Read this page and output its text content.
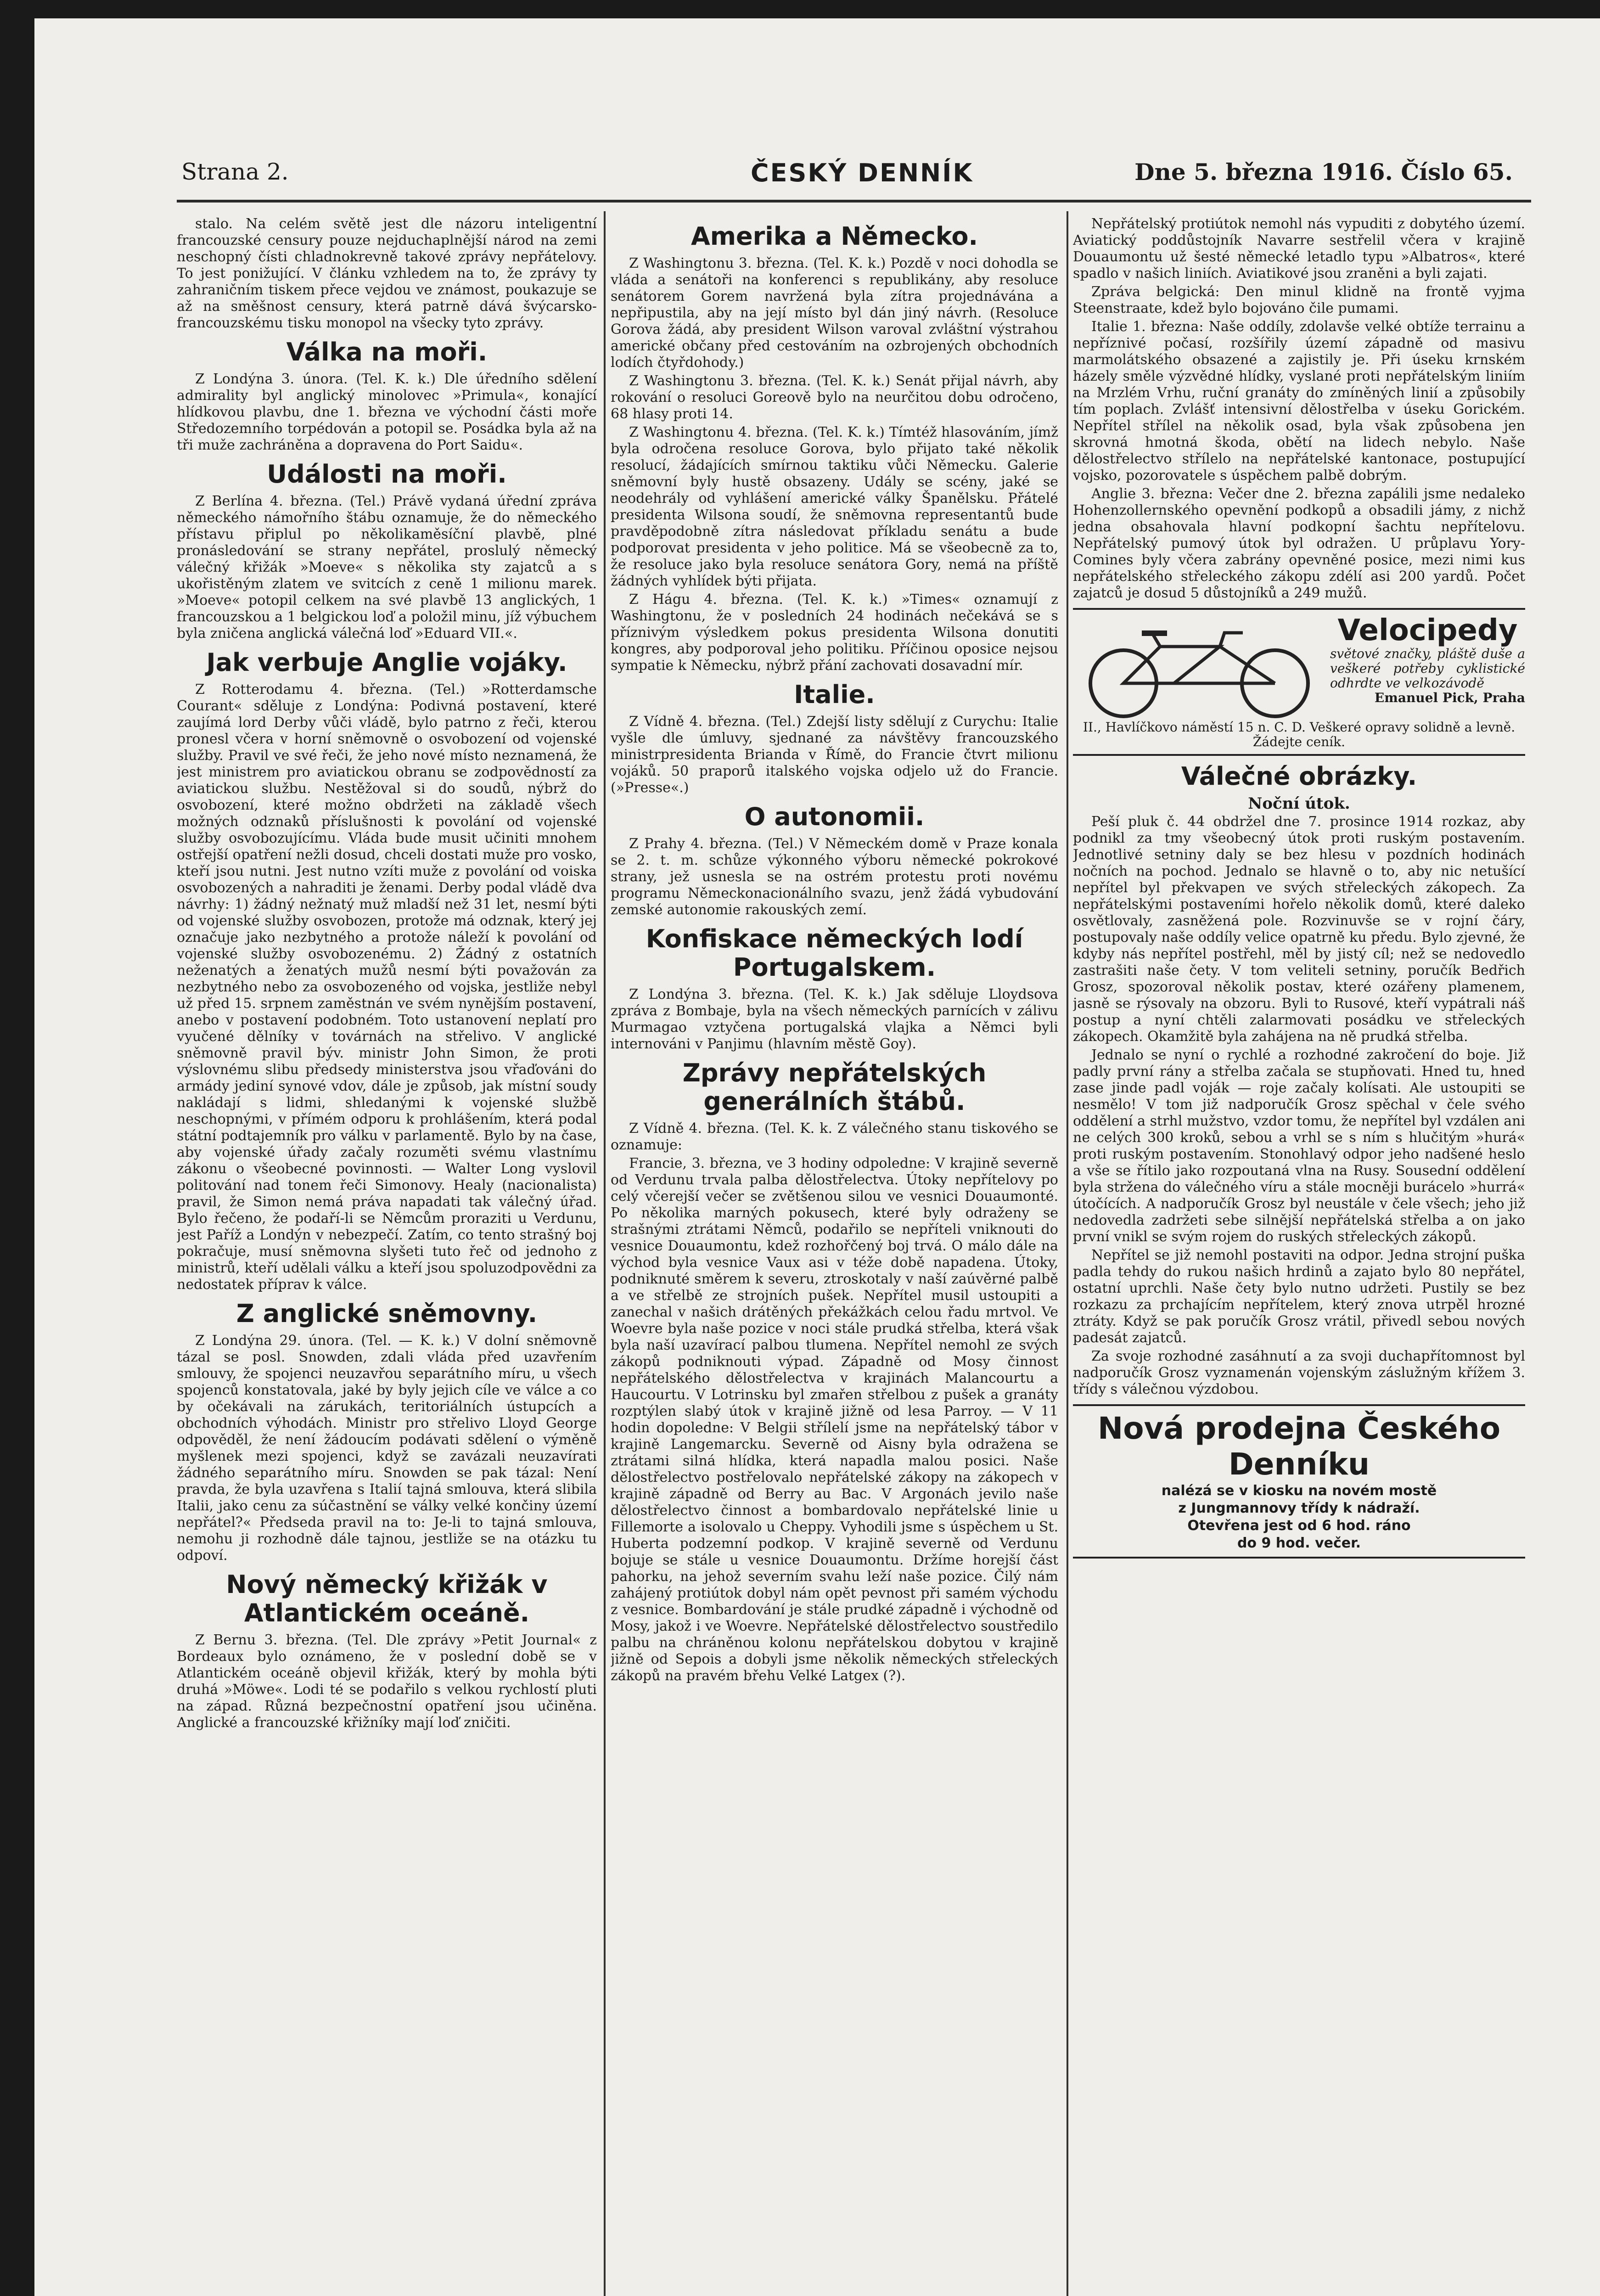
Strana 2.	ČESKÝ DENNÍK	Dne 5. března 1916. Číslo 65.

stalo. Na celém světě jest dle názoru inteligentní francouzské censury pouze nejduchaplnější národ na zemi neschopný čísti chladnokrevně takové zprávy nepřátelovy. To jest ponižující. V článku vzhledem na to, že zprávy ty zahraničním tiskem přece vejdou ve známost, poukazuje se až na směšnost censury, která patrně dává švýcarsko-francouzskému tisku monopol na všecky tyto zprávy.

Válka na moři.

Z Londýna 3. února. (Tel. K. k.) Dle úředního sdělení admirality byl anglický minolovec »Primula«, konající hlídkovou plavbu, dne 1. března ve východní části moře Středozemního torpédován a potopil se. Posádka byla až na tři muže zachráněna a dopravena do Port Saidu«.

Události na moři.

Z Berlína 4. března. (Tel.) Právě vydaná úřední zpráva německého námořního štábu oznamuje, že do německého přístavu připlul po několikaměsíční plavbě, plné pronásledování se strany nepřátel, proslulý německý válečný křižák »Moeve« s několika sty zajatců a s ukořistěným zlatem ve svitcích z ceně 1 milionu marek. »Moeve« potopil celkem na své plavbě 13 anglických, 1 francouzskou a 1 belgickou loď a položil minu, jíž výbuchem byla zničena anglická válečná loď »Eduard VII.«.

Jak verbuje Anglie vojáky.

Z Rotterodamu 4. března. (Tel.) »Rotterdamsche Courant« sděluje z Londýna: Podivná postavení, které zaujímá lord Derby vůči vládě, bylo patrno z řeči, kterou pronesl včera v horní sněmovně o osvobození od vojenské služby. Pravil ve své řeči, že jeho nové místo neznamená, že jest ministrem pro aviatickou obranu se zodpovědností za aviatickou službu. Nestěžoval si do soudů, nýbrž do osvobození, které možno obdržeti na základě všech možných odznaků příslušnosti k povolání od vojenské služby osvobozujícímu. Vláda bude musit učiniti mnohem ostřejší opatření nežli dosud, chceli dostati muže pro vosko, kteří jsou nutni. Jest nutno vzíti muže z povolání od voiska osvobozených a nahraditi je ženami. Derby podal vládě dva návrhy: 1) žádný nežnatý muž mladší než 31 let, nesmí býti od vojenské služby osvobozen, protože má odznak, který jej označuje jako nezbytného a protože náleží k povolání od vojenské služby osvobozenému. 2) Žádný z ostatních neženatých a ženatých mužů nesmí býti považován za nezbytného nebo za osvobozeného od vojska, jestliže nebyl už před 15. srpnem zaměstnán ve svém nynějším postavení, anebo v postavení podobném. Toto ustanovení neplatí pro vyučené dělníky v továrnách na střelivo. V anglické sněmovně pravil býv. ministr John Simon, že proti výslovnému slibu předsedy ministerstva jsou vřaďováni do armády jediní synové vdov, dále je způsob, jak místní soudy nakládají s lidmi, shledanými k vojenské službě neschopnými, v přímém odporu k prohlášením, která podal státní podtajemník pro válku v parlamentě. Bylo by na čase, aby vojenské úřady začaly rozuměti svému vlastnímu zákonu o všeobecné povinnosti. — Walter Long vyslovil politování nad tonem řeči Simonovy. Healy (nacionalista) pravil, že Simon nemá práva napadati tak válečný úřad. Bylo řečeno, že podaří-li se Němcům proraziti u Verdunu, jest Paříž a Londýn v nebezpečí. Zatím, co tento strašný boj pokračuje, musí sněmovna slyšeti tuto řeč od jednoho z ministrů, kteří udělali válku a kteří jsou spoluzodpovědni za nedostatek příprav k válce.

Z anglické sněmovny.

Z Londýna 29. února. (Tel. — K. k.) V dolní sněmovně tázal se posl. Snowden, zdali vláda před uzavřením smlouvy, že spojenci neuzavřou separátního míru, u všech spojenců konstatovala, jaké by byly jejich cíle ve válce a co by očekávali na zárukách, teritoriálních ústupcích a obchodních výhodách. Ministr pro střelivo Lloyd George odpověděl, že není žádoucím podávati sdělení o výměně myšlenek mezi spojenci, když se zavázali neuzavírati žádného separátního míru. Snowden se pak tázal: Není pravda, že byla uzavřena s Italií tajná smlouva, která slibila Italii, jako cenu za súčastnění se války velké končiny území nepřátel?« Předseda pravil na to: Je-li to tajná smlouva, nemohu ji rozhodně dále tajnou, jestliže se na otázku tu odpoví.

Nový německý křižák v Atlantickém oceáně.

Z Bernu 3. března. (Tel. Dle zprávy »Petit Journal« z Bordeaux bylo oznámeno, že v poslední době se v Atlantickém oceáně objevil křižák, který by mohla býti druhá »Möwe«. Lodi té se podařilo s velkou rychlostí pluti na západ. Různá bezpečnostní opatření jsou učiněna. Anglické a francouzské křižníky mají loď zničiti.

Amerika a Německo.

Z Washingtonu 3. března. (Tel. K. k.) Pozdě v noci dohodla se vláda a senátoři na konferenci s republikány, aby resoluce senátorem Gorem navržená byla zítra projednávána a nepřipustila, aby na její místo byl dán jiný návrh. (Resoluce Gorova žádá, aby president Wilson varoval zvláštní výstrahou americké občany před cestováním na ozbrojených obchodních lodích čtyřdohody.)

Z Washingtonu 3. března. (Tel. K. k.) Senát přijal návrh, aby rokování o resoluci Goreově bylo na neurčitou dobu odročeno, 68 hlasy proti 14.

Z Washingtonu 4. března. (Tel. K. k.) Tímtéž hlasováním, jímž byla odročena resoluce Gorova, bylo přijato také několik resolucí, žádajících smírnou taktiku vůči Německu. Galerie sněmovní byly hustě obsazeny. Udály se scény, jaké se neodehrály od vyhlášení americké války Španělsku. Přátelé presidenta Wilsona soudí, že sněmovna representantů bude pravděpodobně zítra následovat příkladu senátu a bude podporovat presidenta v jeho politice. Má se všeobecně za to, že resoluce jako byla resoluce senátora Gory, nemá na příště žádných vyhlídek býti přijata.

Z Hágu 4. března. (Tel. K. k.) »Times« oznamují z Washingtonu, že v posledních 24 hodinách nečekává se s příznivým výsledkem pokus presidenta Wilsona donutiti kongres, aby podporoval jeho politiku. Příčinou oposice nejsou sympatie k Německu, nýbrž přání zachovati dosavadní mír.

Italie.

Z Vídně 4. března. (Tel.) Zdejší listy sdělují z Curychu: Italie vyšle dle úmluvy, sjednané za návštěvy francouzského ministrpresidenta Brianda v Římě, do Francie čtvrt milionu vojáků. 50 praporů italského vojska odjelo už do Francie. (»Presse«.)

O autonomii.

Z Prahy 4. března. (Tel.) V Německém domě v Praze konala se 2. t. m. schůze výkonného výboru německé pokrokové strany, jež usnesla se na ostrém protestu proti novému programu Německonacionálního svazu, jenž žádá vybudování zemské autonomie rakouských zemí.

Konfiskace německých lodí Portugalskem.

Z Londýna 3. března. (Tel. K. k.) Jak sděluje Lloydsova zpráva z Bombaje, byla na všech německých parnících v zálivu Murmagao vztyčena portugalská vlajka a Němci byli internováni v Panjimu (hlavním městě Goy).

Zprávy nepřátelských generálních štábů.

Z Vídně 4. března. (Tel. K. k. Z válečného stanu tiskového se oznamuje:

Francie, 3. března, ve 3 hodiny odpoledne: V krajině severně od Verdunu trvala palba dělostřelectva. Útoky nepřítelovy po celý včerejší večer se zvětšenou silou ve vesnici Douaumonté. Po několika marných pokusech, které byly odraženy se strašnými ztrátami Němců, podařilo se nepříteli vniknouti do vesnice Douaumontu, kdež rozhořčený boj trvá. O málo dále na východ byla vesnice Vaux asi v téže době napadena. Útoky, podniknuté směrem k severu, ztroskotaly v naší zaúvěrné palbě a ve střelbě ze strojních pušek. Nepřítel musil ustoupiti a zanechal v našich drátěných překážkách celou řadu mrtvol. Ve Woevre byla naše pozice v noci stále prudká střelba, která však byla naší uzavírací palbou tlumena. Nepřítel nemohl ze svých zákopů podniknouti výpad. Západně od Mosy činnost nepřátelského dělostřelectva v krajinách Malancourtu a Haucourtu. V Lotrinsku byl zmařen střelbou z pušek a granáty rozptýlen slabý útok v krajině jižně od lesa Parroy. — V 11 hodin dopoledne: V Belgii střílelí jsme na nepřátelský tábor v krajině Langemarcku. Severně od Aisny byla odražena se ztrátami silná hlídka, která napadla malou posici. Naše dělostřelectvo postřelovalo nepřátelské zákopy na zákopech v krajině západně od Berry au Bac. V Argonách jevilo naše dělostřelectvo činnost a bombardovalo nepřátelské linie u Fillemorte a isolovalo u Cheppy. Vyhodili jsme s úspěchem u St. Huberta podzemní podkop. V krajině severně od Verdunu bojuje se stále u vesnice Douaumontu. Držíme horejší část pahorku, na jehož severním svahu leží naše pozice. Čilý nám zahájený protiútok dobyl nám opět pevnost při samém východu z vesnice. Bombardování je stále prudké západně i východně od Mosy, jakož i ve Woevre. Nepřátelské dělostřelectvo soustředilo palbu na chráněnou kolonu nepřátelskou dobytou v krajině jižně od Sepois a dobyli jsme několik německých střeleckých zákopů na pravém břehu Velké Latgex (?).

Nepřátelský protiútok nemohl nás vypuditi z dobytého území. Aviatický poddůstojník Navarre sestřelil včera v krajině Douaumontu už šesté německé letadlo typu »Albatros«, které spadlo v našich liniích. Aviatikové jsou zraněni a byli zajati.

Zpráva belgická: Den minul klidně na frontě vyjma Steenstraate, kdež bylo bojováno čile pumami.

Italie 1. března: Naše oddíly, zdolavše velké obtíže terrainu a nepříznivé počasí, rozšířily území západně od masivu marmolátského obsazené a zajistily je. Při úseku krnském házely směle výzvědné hlídky, vyslané proti nepřátelským liniím na Mrzlém Vrhu, ruční granáty do zmíněných linií a způsobily tím poplach. Zvlášť intensivní dělostřelba v úseku Gorickém. Nepřítel střílel na několik osad, byla však způsobena jen skrovná hmotná škoda, obětí na lidech nebylo. Naše dělostřelectvo střílelo na nepřátelské kantonace, postupující vojsko, pozorovatele s úspěchem palbě dobrým.

Anglie 3. března: Večer dne 2. března zapálili jsme nedaleko Hohenzollernského opevnění podkopů a obsadili jámy, z nichž jedna obsahovala hlavní podkopní šachtu nepřítelovu. Nepřátelský pumový útok byl odražen. U průplavu Yory-Comines byly včera zabrány opevněné posice, mezi nimi kus nepřátelského střeleckého zákopu zdélí asi 200 yardů. Počet zajatců je dosud 5 důstojníků a 249 mužů.

Velocipedy
světové značky, pláště duše a veškeré potřeby cyklistické odhrdte ve velkozávodě
Emanuel Pick, Praha
II., Havlíčkovo náměstí 15 n. C. D. Veškeré opravy solidně a levně. Žádejte ceník.
Válečné obrázky.
Noční útok.

Peší pluk č. 44 obdržel dne 7. prosince 1914 rozkaz, aby podnikl za tmy všeobecný útok proti ruským postavením. Jednotlivé setniny daly se bez hlesu v pozdních hodinách nočních na pochod. Jednalo se hlavně o to, aby nic netušící nepřítel byl překvapen ve svých střeleckých zákopech. Za nepřátelskými postaveními hořelo několik domů, které daleko osvětlovaly, zasněžená pole. Rozvinuvše se v rojní čáry, postupovaly naše oddíly velice opatrně ku předu. Bylo zjevné, že kdyby nás nepřítel postřehl, měl by jistý cíl; než se nedovedlo zastrašiti naše čety. V tom veliteli setniny, poručík Bedřich Grosz, spozoroval několik postav, které ozářeny plamenem, jasně se rýsovaly na obzoru. Byli to Rusové, kteří vypátrali náš postup a nyní chtěli zalarmovati posádku ve střeleckých zákopech. Okamžitě byla zahájena na ně prudká střelba.

Jednalo se nyní o rychlé a rozhodné zakročení do boje. Již padly první rány a střelba začala se stupňovati. Hned tu, hned zase jinde padl voják — roje začaly kolísati. Ale ustoupiti se nesmělo! V tom již nadporučík Grosz spěchal v čele svého oddělení a strhl mužstvo, vzdor tomu, že nepřítel byl vzdálen ani ne celých 300 kroků, sebou a vrhl se s ním s hlučitým »hurá« proti ruským postavením. Stonohlavý odpor jeho nadšené heslo a vše se řítilo jako rozpoutaná vlna na Rusy. Sousední oddělení byla stržena do válečného víru a stále mocněji burácelo »hurrá« útočících. A nadporučík Grosz byl neustále v čele všech; jeho již nedovedla zadržeti sebe silnější nepřátelská střelba a on jako první vnikl se svým rojem do ruských střeleckých zákopů.

Nepřítel se již nemohl postaviti na odpor. Jedna strojní puška padla tehdy do rukou našich hrdinů a zajato bylo 80 nepřátel, ostatní uprchli. Naše čety bylo nutno udržeti. Pustily se bez rozkazu za prchajícím nepřítelem, který znova utrpěl hrozné ztráty. Když se pak poručík Grosz vrátil, přivedl sebou nových padesát zajatců.

Za svoje rozhodné zasáhnutí a za svoji duchapřítomnost byl nadporučík Grosz vyznamenán vojenským záslužným křížem 3. třídy s válečnou výzdobou.

Nová prodejna Českého Denníku
nalézá se v kiosku na novém mostě
z Jungmannovy třídy k nádraží.
Otevřena jest od 6 hod. ráno
do 9 hod. večer.
